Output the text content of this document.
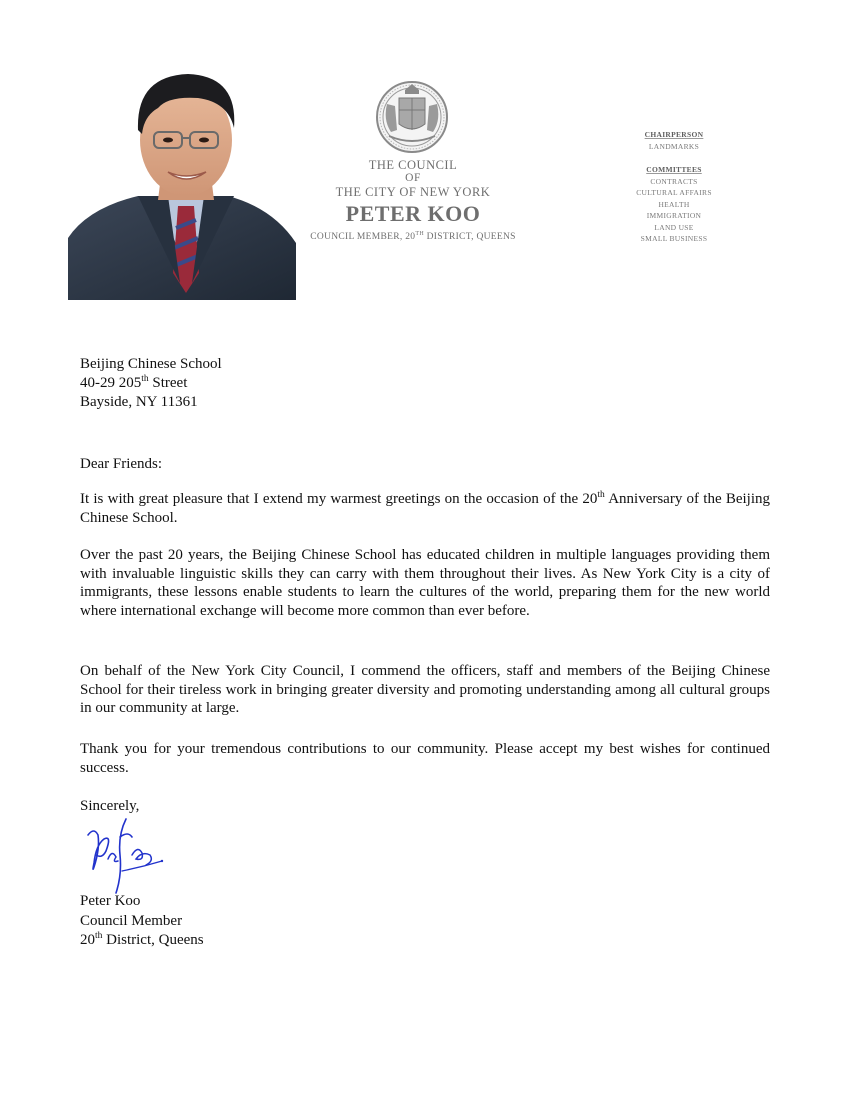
THE COUNCIL
OF
THE CITY OF NEW YORK
PETER KOO
COUNCIL MEMBER, 20TH DISTRICT, QUEENS
CHAIRPERSON
LANDMARKS
COMMITTEES
CONTRACTS
CULTURAL AFFAIRS
HEALTH
IMMIGRATION
LAND USE
SMALL BUSINESS
Beijing Chinese School
40-29 205th Street
Bayside, NY 11361
Dear Friends:
It is with great pleasure that I extend my warmest greetings on the occasion of the 20th Anniversary of the Beijing Chinese School.
Over the past 20 years, the Beijing Chinese School has educated children in multiple languages providing them with invaluable linguistic skills they can carry with them throughout their lives. As New York City is a city of immigrants, these lessons enable students to learn the cultures of the world, preparing them for the new world where international exchange will become more common than ever before.
On behalf of the New York City Council, I commend the officers, staff and members of the Beijing Chinese School for their tireless work in bringing greater diversity and promoting understanding among all cultural groups in our community at large.
Thank you for your tremendous contributions to our community. Please accept my best wishes for continued success.
Sincerely,
Peter Koo
Council Member
20th District, Queens
